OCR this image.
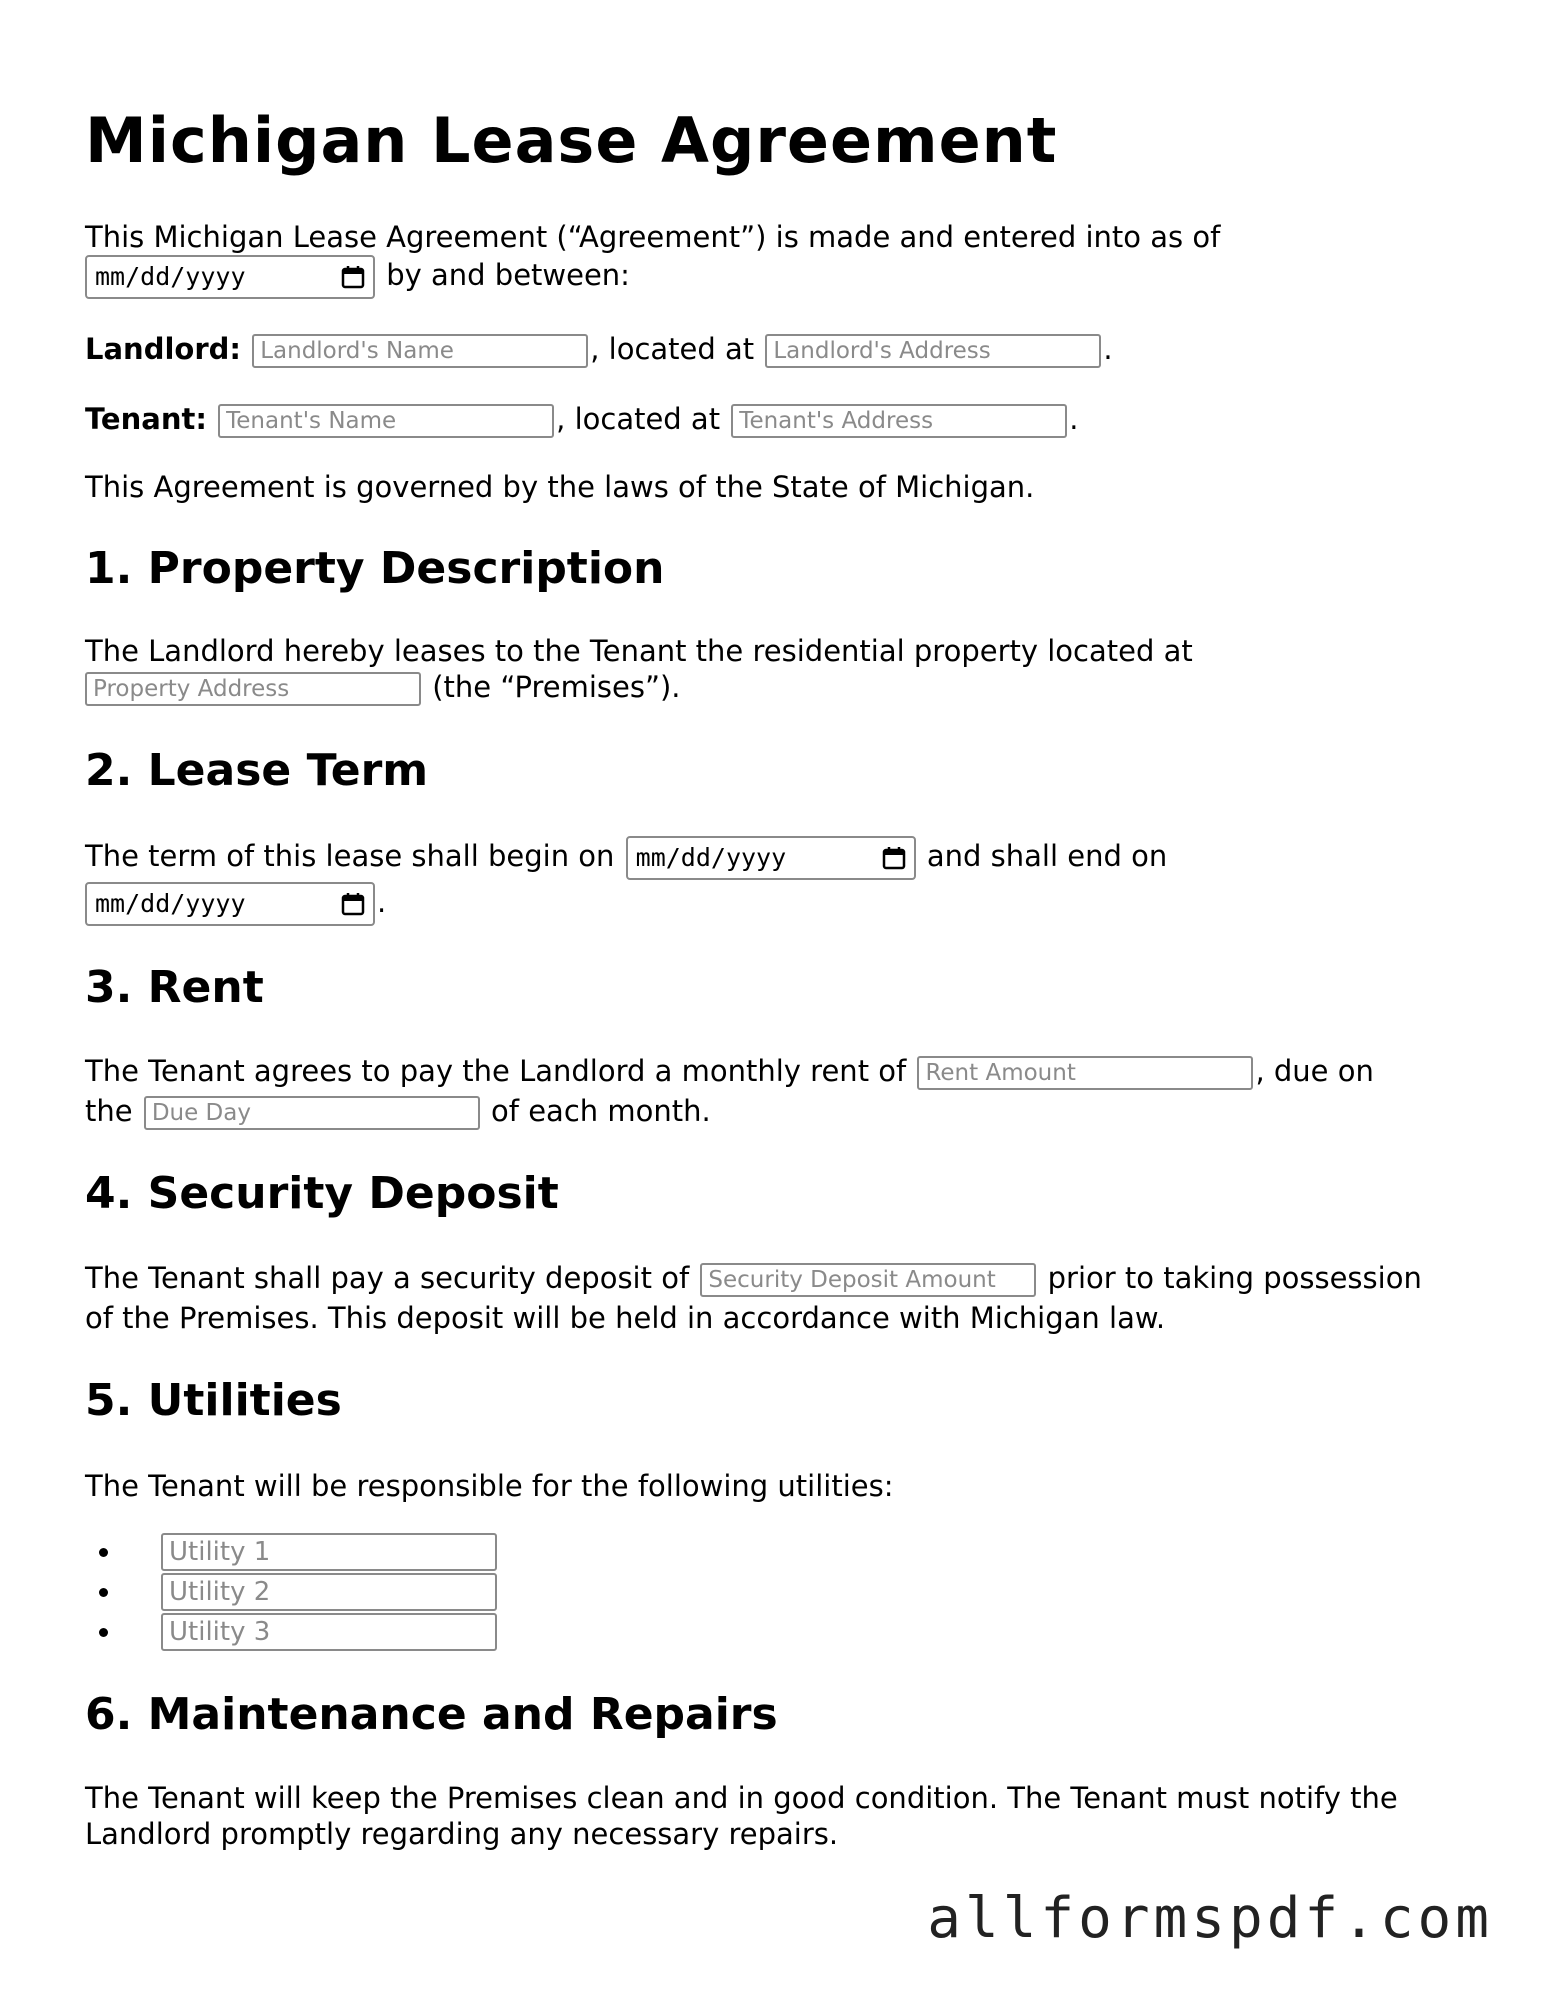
Michigan Lease Agreement
This Michigan Lease Agreement (“Agreement”) is made and entered into as of
mm/dd/yyyy	by and between:
Landlord: Landlord's Name	, located at Landlord's Address	.
Tenant: Tenant's Name	, located at Tenant's Address	.
This Agreement is governed by the laws of the State of Michigan.
1. Property Description
The Landlord hereby leases to the Tenant the residential property located at
Property Address (the “Premises”).
2. Lease Term
The term of this lease shall begin on mm/dd/yyyy	and shall end on
mm/dd/yyyy	.
3. Rent
The Tenant agrees to pay the Landlord a monthly rent of Rent Amount	, due on
the Due Day	of each month.
4. Security Deposit
The Tenant shall pay a security deposit of Security Deposit Amount	prior to taking possession
of the Premises. This deposit will be held in accordance with Michigan law.
5. Utilities
The Tenant will be responsible for the following utilities:
Utility 1
Utility 2
Utility 3
6. Maintenance and Repairs
The Tenant will keep the Premises clean and in good condition. The Tenant must notify the
Landlord promptly regarding any necessary repairs.
allformspdf.com
